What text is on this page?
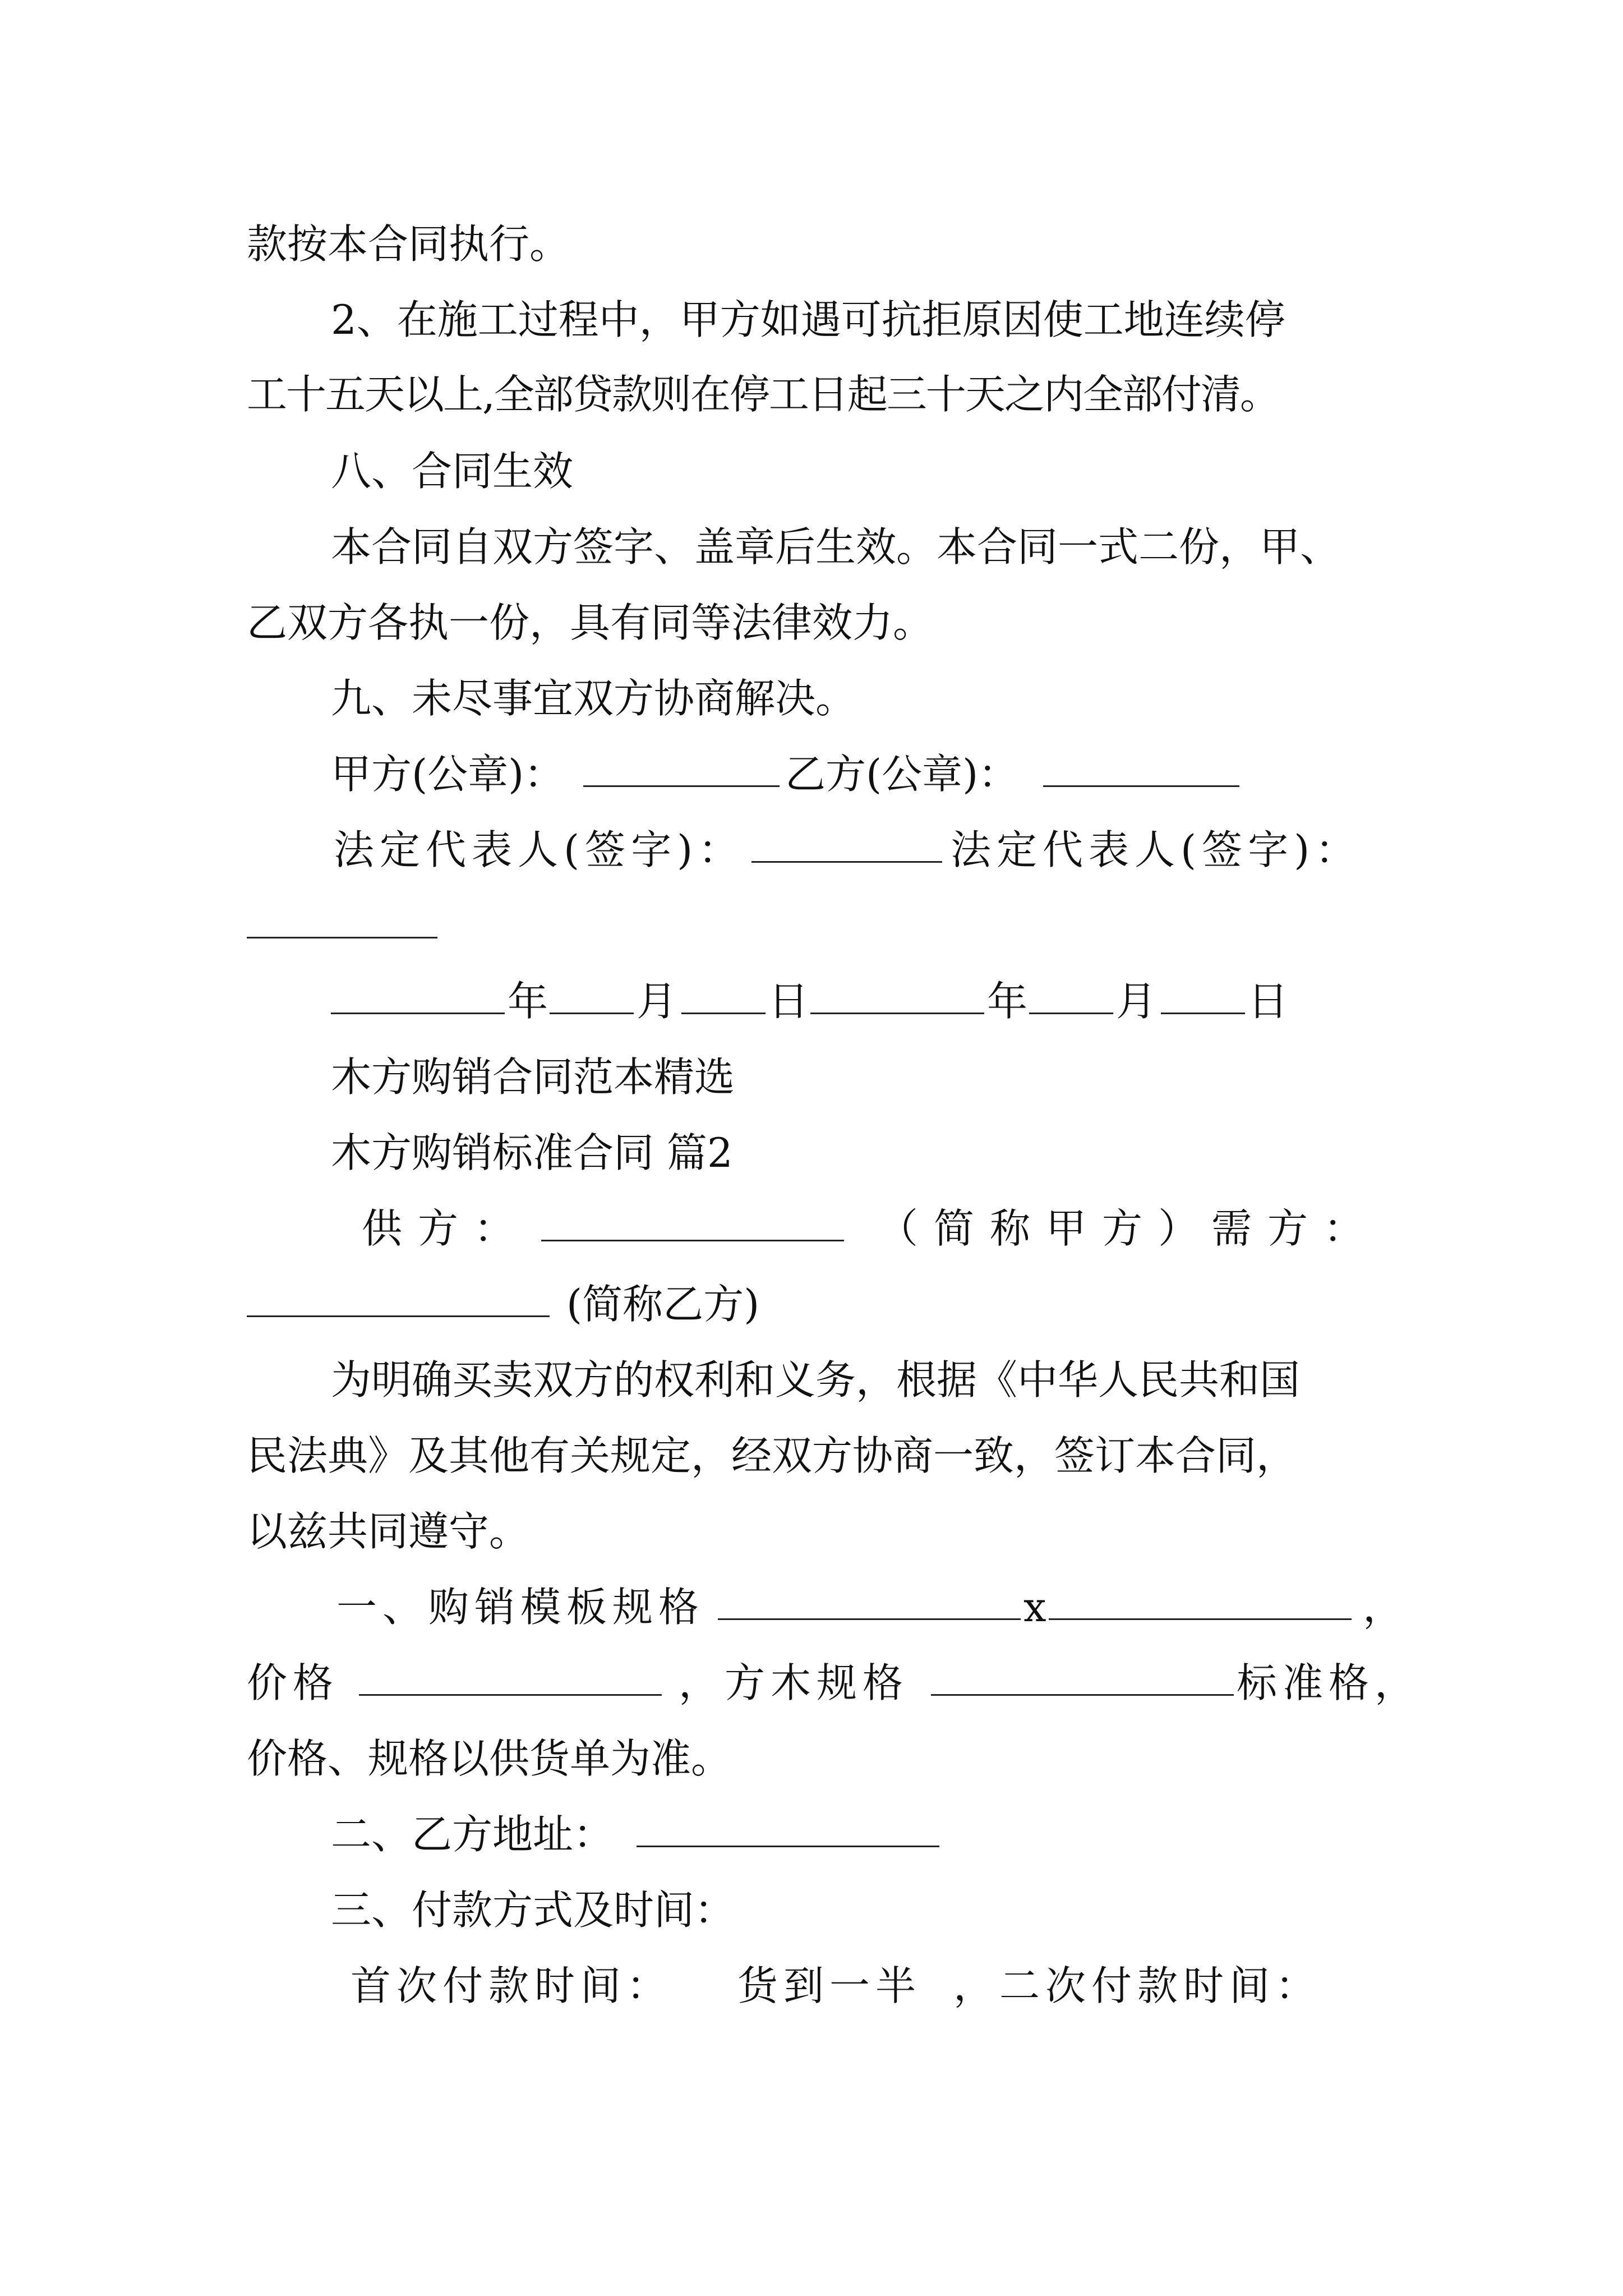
款按本合同执行。
2、在施工过程中，甲方如遇可抗拒原因使工地连续停
工十五天以上,全部贷款则在停工日起三十天之内全部付清。
八、合同生效
本合同自双方签字、盖章后生效。本合同一式二份，甲、
乙双方各执一份，具有同等法律效力。
九、未尽事宜双方协商解决。
甲方(公章)：	乙方(公章)：
法定代表人(签字)：	法定代表人(签字)：
年 月 日	年 月 日
木方购销合同范本精选
木方购销标准合同 篇2
供方：	（简称甲方）
需方：
(简称乙方)
为明确买卖双方的权利和义务，根据《中华人民共和国
民法典》及其他有关规定，经双方协商一致，签订本合同，
以兹共同遵守。
一、购销模板规格	x	，
价格	，方木规格	标准格，
价格、规格以供货单为准。
二、乙方地址：
三、付款方式及时间：
首次付款时间： 货到一半 ，二次付款时间：
